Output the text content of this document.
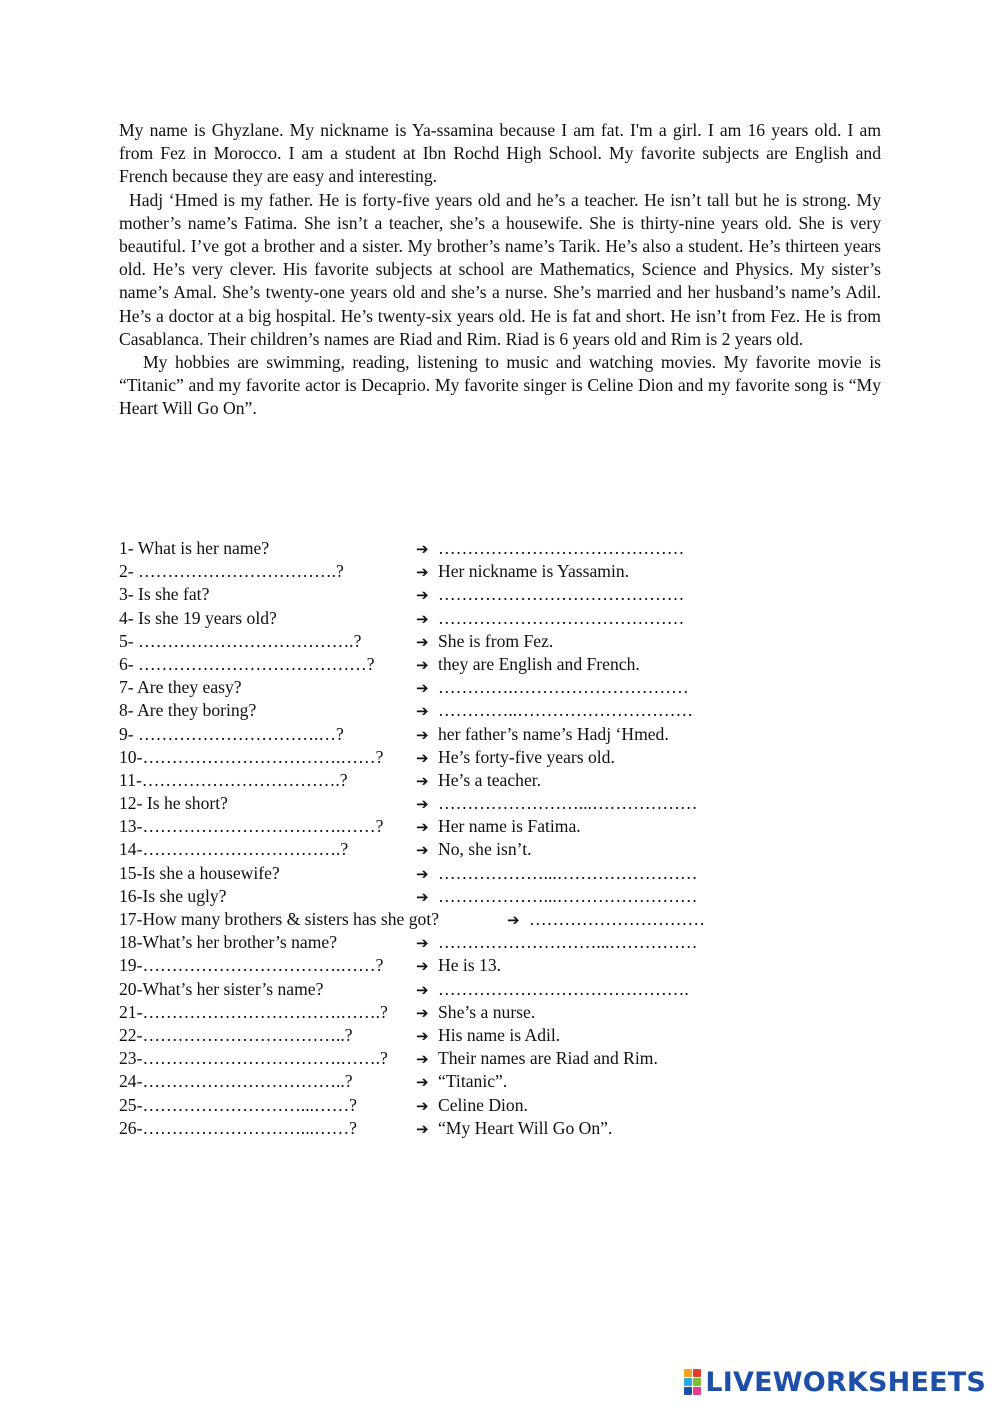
My name is Ghyzlane. My nickname is Ya-ssamina because I am fat. I'm a girl. I am 16 years old. I am from Fez in Morocco. I am a student at Ibn Rochd High School. My favorite subjects are English and French because they are easy and interesting.

Hadj ‘Hmed is my father. He is forty-five years old and he’s a teacher. He isn’t tall but he is strong. My mother’s name’s Fatima. She isn’t a teacher, she’s a housewife. She is thirty-nine years old. She is very beautiful. I’ve got a brother and a sister. My brother’s name’s Tarik. He’s also a student. He’s thirteen years old. He’s very clever. His favorite subjects at school are Mathematics, Science and Physics. My sister’s name’s Amal. She’s twenty-one years old and she’s a nurse. She’s married and her husband’s name’s Adil. He’s a doctor at a big hospital. He’s twenty-six years old. He is fat and short. He isn’t from Fez. He is from Casablanca. Their children’s names are Riad and Rim. Riad is 6 years old and Rim is 2 years old.

My hobbies are swimming, reading, listening to music and watching movies. My favorite movie is “Titanic” and my favorite actor is Decaprio. My favorite singer is Celine Dion and my favorite song is “My Heart Will Go On”.

1- What is her name?	➔ ……………………………………
2- …………………………….?	➔ Her nickname is Yassamin.
3- Is she fat?	➔ ……………………………………
4- Is she 19 years old?	➔ ……………………………………
5- ……………………………….?	➔ She is from Fez.
6- …………………………………?	➔ they are English and French.
7- Are they easy?	➔ ………….…………………………
8- Are they boring?	➔ …………..…………………………
9- ………………………….…?	➔ her father’s name’s Hadj ‘Hmed.
10-…………………………….……? ➔ He’s forty-five years old.
11-…………………………….?	➔ He’s a teacher.
12- Is he short?	➔ ……………………...………………
13-…………………………….……? ➔ Her name is Fatima.
14-…………………………….?	➔ No, she isn’t.
15-Is she a housewife?	➔ ………………...……………………
16-Is she ugly?	➔ ………………...……………………
17-How many brothers & sisters has she got?	➔ …………………………
18-What’s her brother’s name?	➔ ………………………...……………
19-…………………………….……? ➔ He is 13.
20-What’s her sister’s name?	➔ …………………………………….
21-…………………………….…….? ➔ She’s a nurse.
22-……………………………..?	➔ His name is Adil.
23-…………………………….…….? ➔ Their names are Riad and Rim.
24-……………………………..?	➔ “Titanic”.
25-………………………...……?	➔ Celine Dion.
26-………………………...……?	➔ “My Heart Will Go On”.
LIVEWORKSHEETS
